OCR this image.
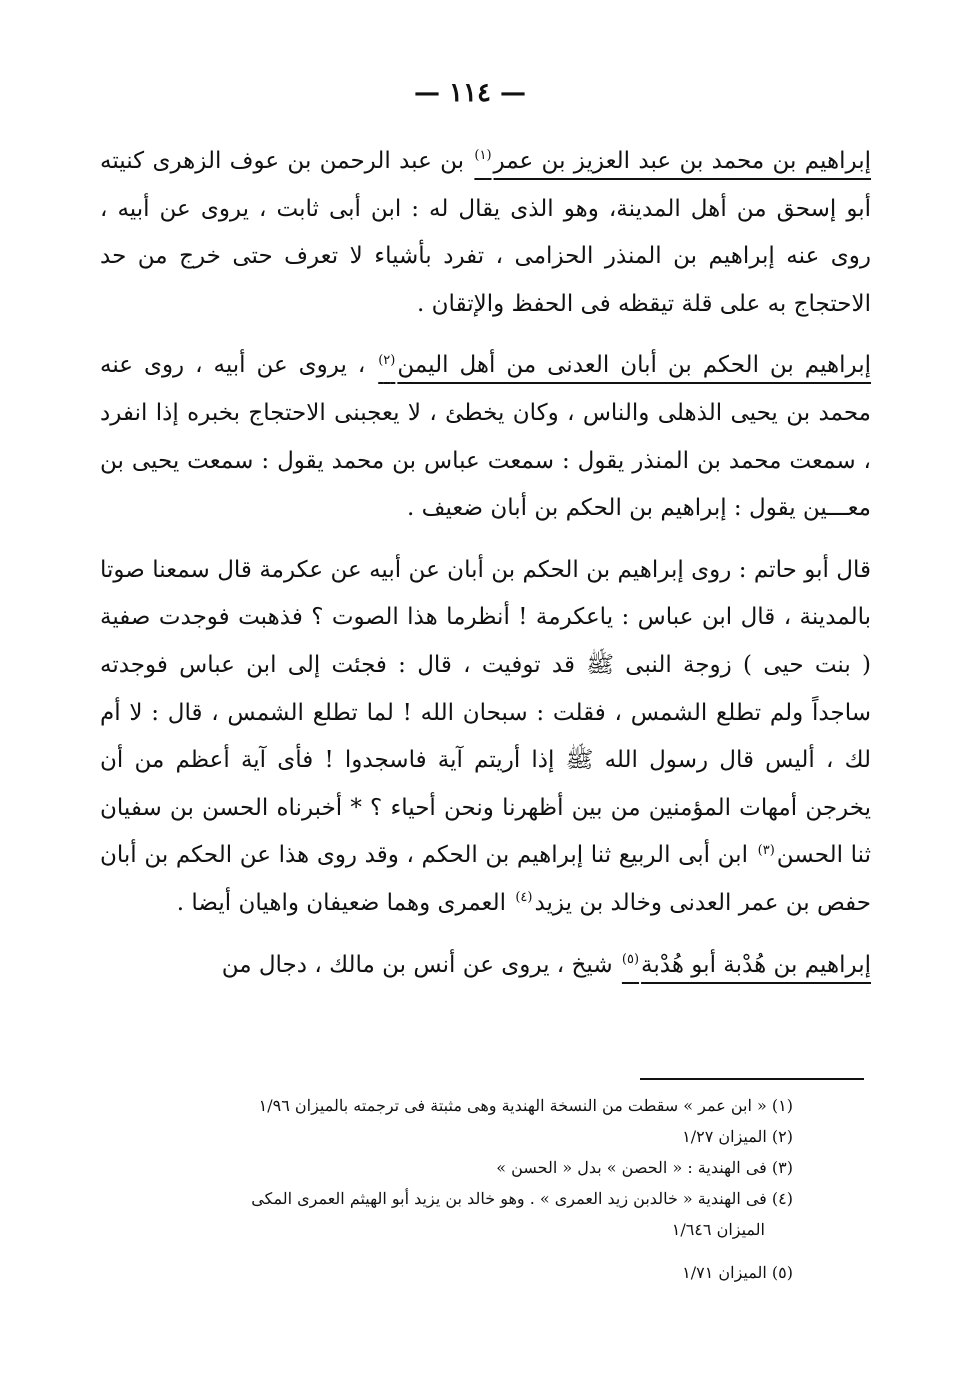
— ١١٤ —

إبراهيم بن محمد بن عبد العزيز بن عمر$^{(١)}$ بن عبد الرحمن بن عوف الزهرى كنيته أبو إسحق من أهل المدينة، وهو الذى يقال له : ابن أبى ثابت ، يروى عن أبيه ، روى عنه إبراهيم بن المنذر الحزامى ، تفرد بأشياء لا تعرف حتى خرج من حد الاحتجاج به على قلة تيقظه فى الحفظ والإتقان .

إبراهيم بن الحكم بن أبان العدنى من أهل اليمن$^{(٢)}$ ، يروى عن أبيه ، روى عنه محمد بن يحيى الذهلى والناس ، وكان يخطئ ، لا يعجبنى الاحتجاج بخبره إذا انفرد ، سمعت محمد بن المنذر يقول : سمعت عباس بن محمد يقول : سمعت يحيى بن معـــين يقول : إبراهيم بن الحكم بن أبان ضعيف .

قال أبو حاتم : روى إبراهيم بن الحكم بن أبان عن أبيه عن عكرمة قال سمعنا صوتا بالمدينة ، قال ابن عباس : ياعكرمة ! أنظرما هذا الصوت ؟ فذهبت فوجدت صفية ( بنت حيى ) زوجة النبى ﷺ قد توفيت ، قال : فجئت إلى ابن عباس فوجدته ساجداً ولم تطلع الشمس ، فقلت : سبحان الله ! لما تطلع الشمس ، قال : لا أم لك ، أليس قال رسول الله ﷺ إذا أريتم آية فاسجدوا ! فأى آية أعظم من أن يخرجن أمهات المؤمنين من بين أظهرنا ونحن أحياء ؟ * أخبرناه الحسن بن سفيان ثنا الحسن$^{(٣)}$ ابن أبى الربيع ثنا إبراهيم بن الحكم ، وقد روى هذا عن الحكم بن أبان حفص بن عمر العدنى وخالد بن يزيد$^{(٤)}$ العمرى وهما ضعيفان واهيان أيضا .

إبراهيم بن هُدْبة أبو هُدْبة$^{(٥)}$ شيخ ، يروى عن أنس بن مالك ، دجال من

(١) « ابن عمر » سقطت من النسخة الهندية وهى مثبتة فى ترجمته بالميزان ١/٩٦
(٢) الميزان ١/٢٧
(٣) فى الهندية : « الحصن » بدل « الحسن »
(٤) فى الهندية « خالدبن زيد العمرى » . وهو خالد بن يزيد أبو الهيثم العمرى المكى
الميزان ١/٦٤٦
(٥) الميزان ١/٧١
